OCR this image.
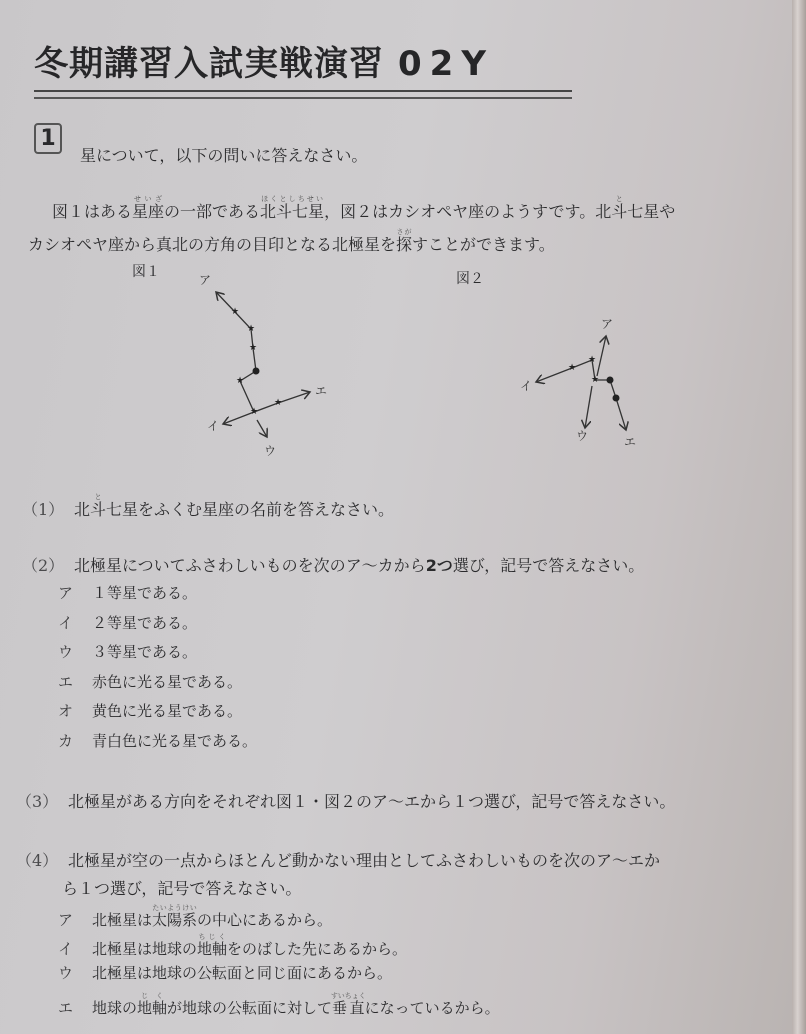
冬期講習入試実戦演習 02Y
1
星について，以下の問いに答えなさい。
図１はある星座せいざの一部である北斗七星ほくとしちせい，図２はカシオペヤ座のようすです。北斗と七星や
カシオペヤ座から真北の方角の目印となる北極星を探さがすことができます。
図１
★
★
★
★
★
★
ア
イ
ウ
エ
図２
★
★
★
ア
イ
ウ	エ
（1） 北斗と七星をふくむ星座の名前を答えなさい。
（2） 北極星についてふさわしいものを次のア～カから2つ選び，記号で答えなさい。
ア １等星である。
イ ２等星である。
ウ ３等星である。
エ 赤色に光る星である。
オ 黄色に光る星である。
カ 青白色に光る星である。
（3） 北極星がある方向をそれぞれ図１・図２のア～エから１つ選び，記号で答えなさい。
（4） 北極星が空の一点からほとんど動かない理由としてふさわしいものを次のア～エか
ら１つ選び，記号で答えなさい。
ア 北極星は太陽系たいようけいの中心にあるから。
イ 北極星は地球の地軸ちじくをのばした先にあるから。
ウ 北極星は地球の公転面と同じ面にあるから。
エ 地球の地軸じくが地球の公転面に対して垂直すいちょくになっているから。
